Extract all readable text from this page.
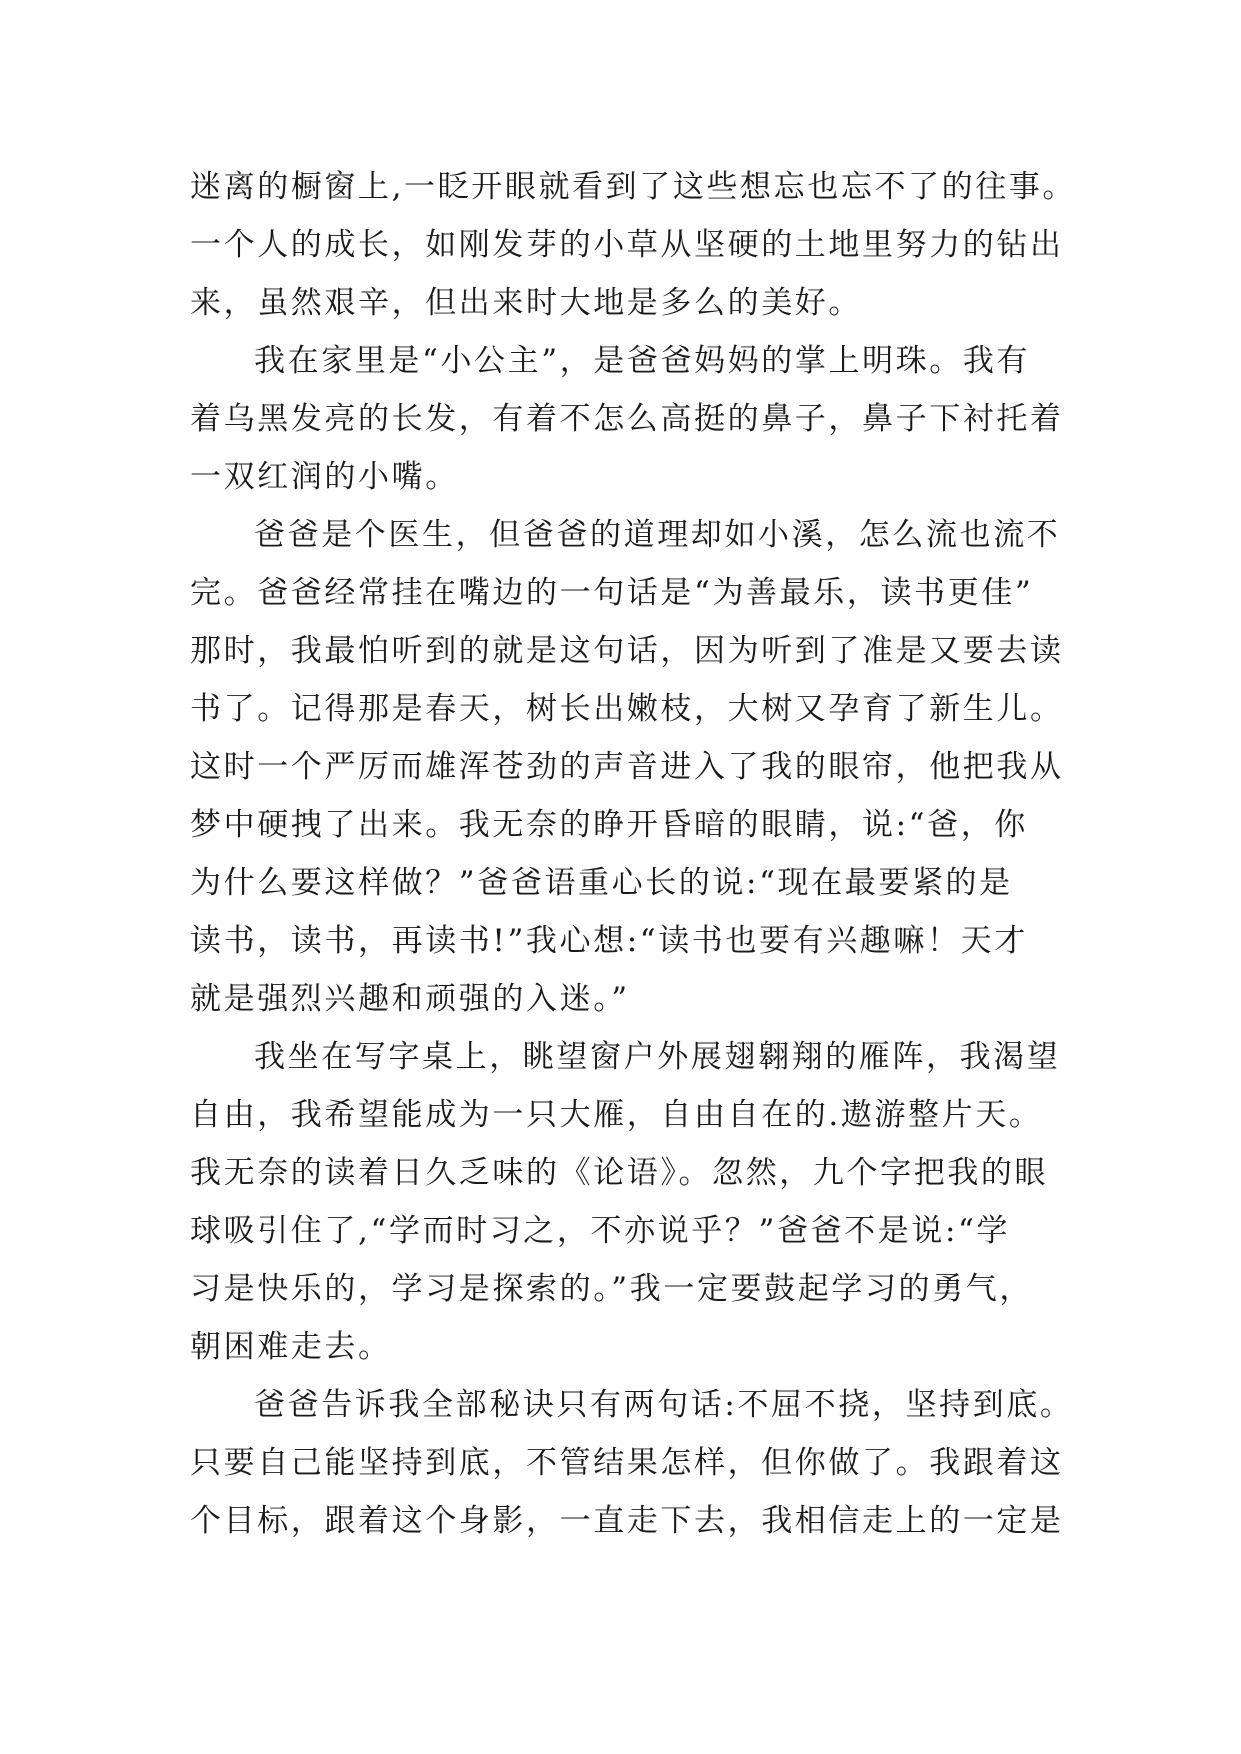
迷离的橱窗上,一眨开眼就看到了这些想忘也忘不了的往事。
一个人的成长，如刚发芽的小草从坚硬的土地里努力的钻出
来，虽然艰辛，但出来时大地是多么的美好。
我在家里是“小公主”，是爸爸妈妈的掌上明珠。我有
着乌黑发亮的长发，有着不怎么高挺的鼻子，鼻子下衬托着
一双红润的小嘴。
爸爸是个医生，但爸爸的道理却如小溪，怎么流也流不
完。爸爸经常挂在嘴边的一句话是“为善最乐，读书更佳”
那时，我最怕听到的就是这句话，因为听到了准是又要去读
书了。记得那是春天，树长出嫩枝，大树又孕育了新生儿。
这时一个严厉而雄浑苍劲的声音进入了我的眼帘，他把我从
梦中硬拽了出来。我无奈的睁开昏暗的眼睛，说:“爸，你
为什么要这样做？”爸爸语重心长的说:“现在最要紧的是
读书，读书，再读书!”我心想:“读书也要有兴趣嘛！天才
就是强烈兴趣和顽强的入迷。”
我坐在写字桌上，眺望窗户外展翅翱翔的雁阵，我渴望
自由，我希望能成为一只大雁，自由自在的.遨游整片天。
我无奈的读着日久乏味的《论语》。忽然，九个字把我的眼
球吸引住了,“学而时习之，不亦说乎？”爸爸不是说:“学
习是快乐的，学习是探索的。”我一定要鼓起学习的勇气，
朝困难走去。
爸爸告诉我全部秘诀只有两句话:不屈不挠，坚持到底。
只要自己能坚持到底，不管结果怎样，但你做了。我跟着这
个目标，跟着这个身影，一直走下去，我相信走上的一定是
